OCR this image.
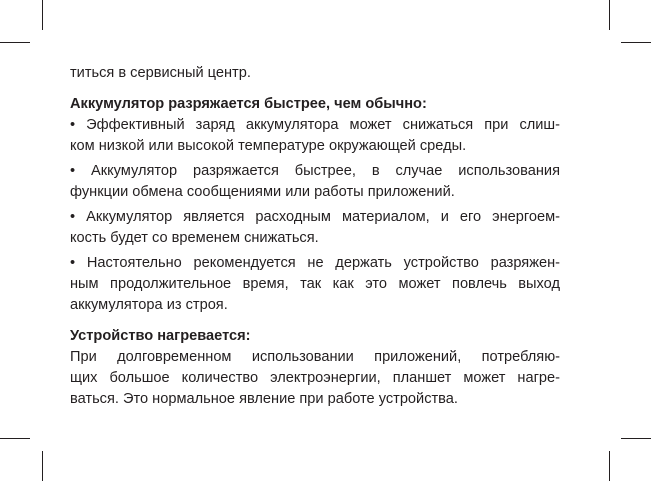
титься в сервисный центр.

Аккумулятор разряжается быстрее, чем обычно:

• Эффективный заряд аккумулятора может снижаться при слиш-
ком низкой или высокой температуре окружающей среды.

• Аккумулятор разряжается быстрее, в случае использования
функции обмена сообщениями или работы приложений.

• Аккумулятор является расходным материалом, и его энергоем-
кость будет со временем снижаться.

• Настоятельно рекомендуется не держать устройство разряжен-
ным продолжительное время, так как это может повлечь выход
аккумулятора из строя.

Устройство нагревается:

При долговременном использовании приложений, потребляю-
щих большое количество электроэнергии, планшет может нагре-
ваться. Это нормальное явление при работе устройства.
